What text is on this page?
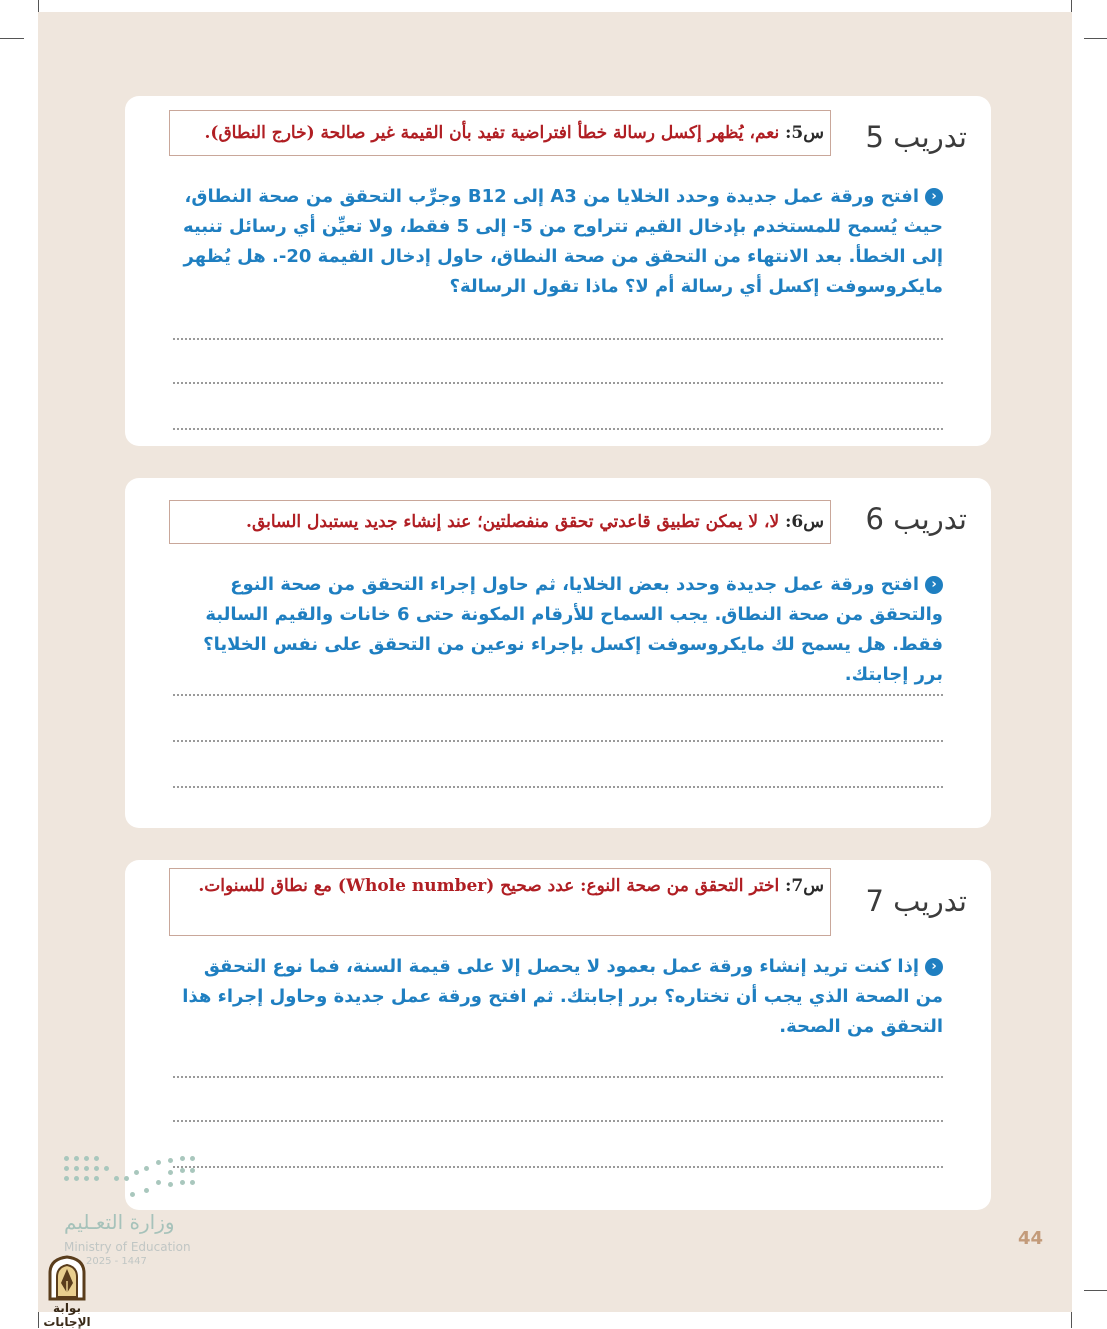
تدريب 5
س5: نعم، يُظهر إكسل رسالة خطأ افتراضية تفيد بأن القيمة غير صالحة (خارج النطاق).
‹افتح ورقة عمل جديدة وحدد الخلايا من A3 إلى B12 وجرِّب التحقق من صحة النطاق، حيث يُسمح للمستخدم بإدخال القيم تتراوح من 5- إلى 5 فقط، ولا تعيِّن أي رسائل تنبيه إلى الخطأ. بعد الانتهاء من التحقق من صحة النطاق، حاول إدخال القيمة 20-. هل يُظهر مايكروسوفت إكسل أي رسالة أم لا؟ ماذا تقول الرسالة؟
تدريب 6
س6: لا، لا يمكن تطبيق قاعدتي تحقق منفصلتين؛ عند إنشاء جديد يستبدل السابق.
‹افتح ورقة عمل جديدة وحدد بعض الخلايا، ثم حاول إجراء التحقق من صحة النوع والتحقق من صحة النطاق. يجب السماح للأرقام المكونة حتى 6 خانات والقيم السالبة فقط. هل يسمح لك مايكروسوفت إكسل بإجراء نوعين من التحقق على نفس الخلايا؟ برر إجابتك.
تدريب 7
س7: اختر التحقق من صحة النوع: عدد صحيح (Whole number) مع نطاق للسنوات.
‹إذا كنت تريد إنشاء ورقة عمل بعمود لا يحصل إلا على قيمة السنة، فما نوع التحقق من الصحة الذي يجب أن تختاره؟ برر إجابتك. ثم افتح ورقة عمل جديدة وحاول إجراء هذا التحقق من الصحة.
وزارة التعـليم
Ministry of Education
2025 - 1447
44
بوابة الإجابات
